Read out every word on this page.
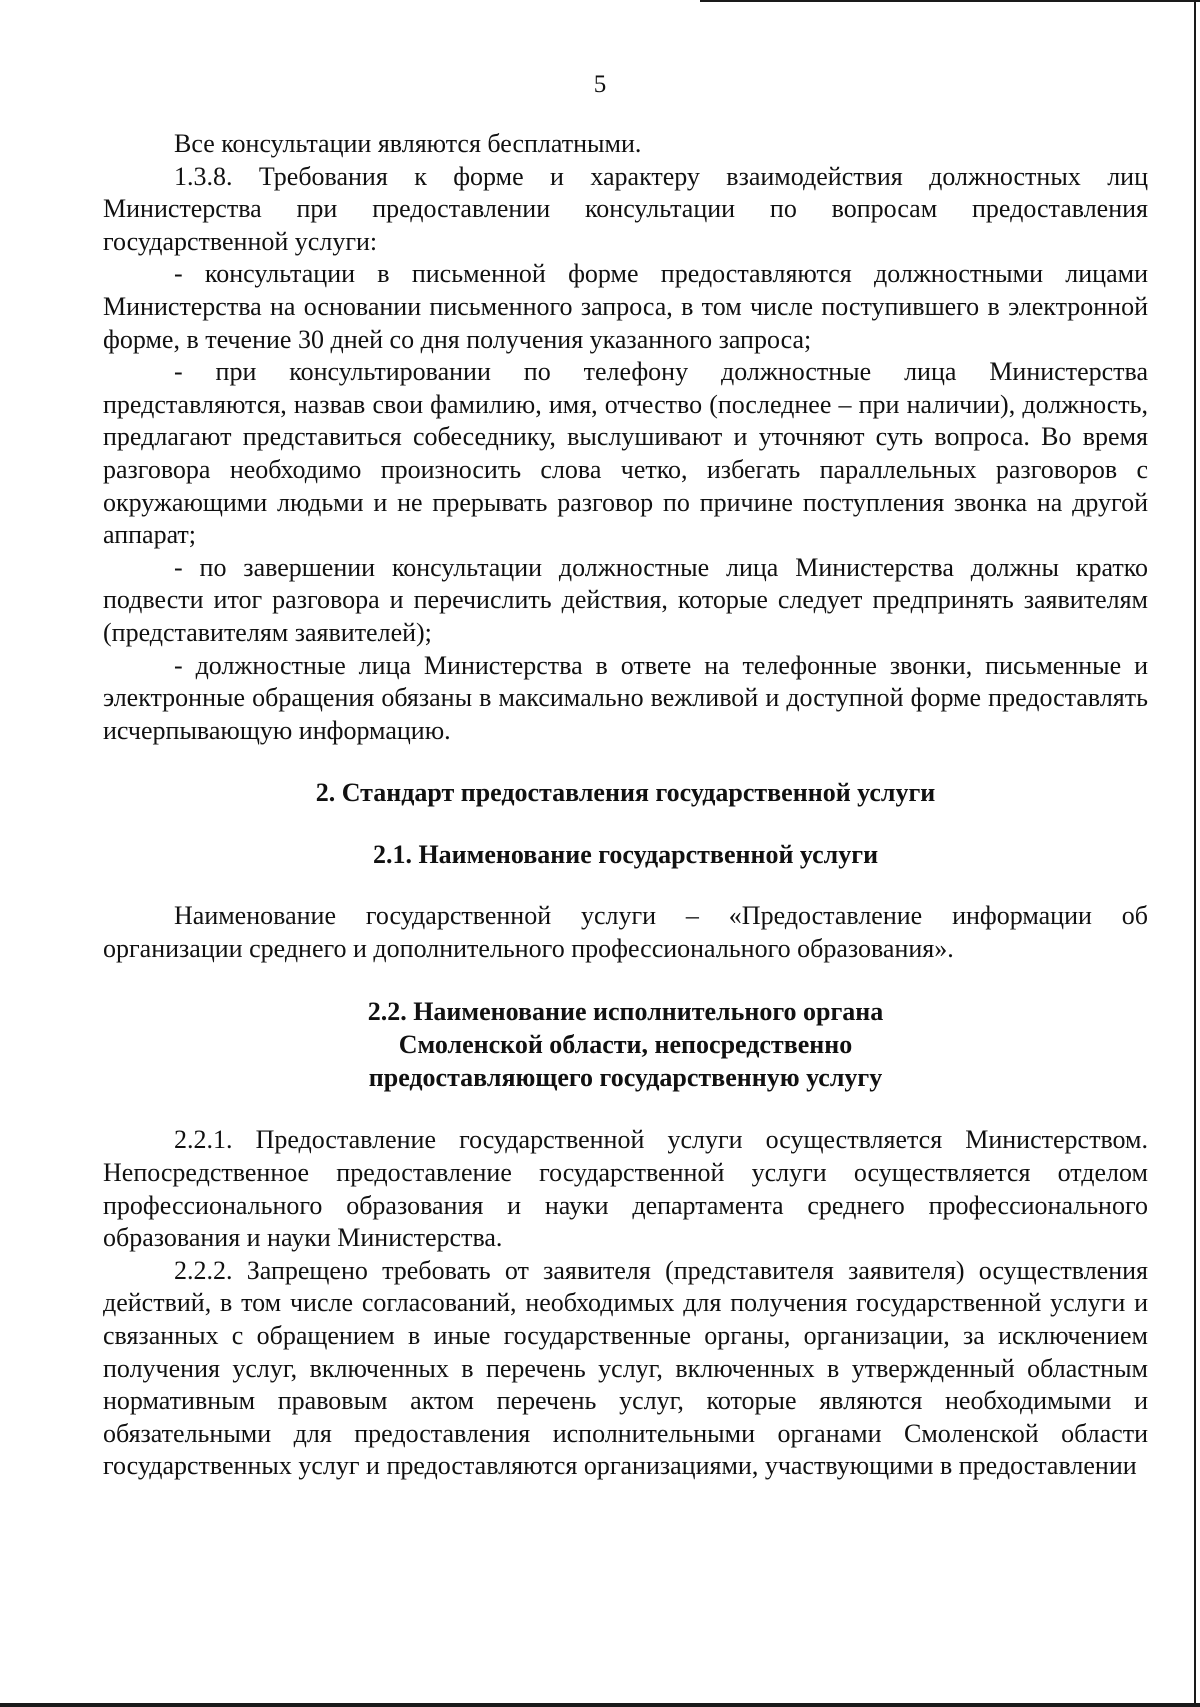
5

Все консультации являются бесплатными.

1.3.8. Требования к форме и характеру взаимодействия должностных лиц Министерства при предоставлении консультации по вопросам предоставления государственной услуги:

- консультации в письменной форме предоставляются должностными лицами Министерства на основании письменного запроса, в том числе поступившего в электронной форме, в течение 30 дней со дня получения указанного запроса;

- при консультировании по телефону должностные лица Министерства представляются, назвав свои фамилию, имя, отчество (последнее – при наличии), должность, предлагают представиться собеседнику, выслушивают и уточняют суть вопроса. Во время разговора необходимо произносить слова четко, избегать параллельных разговоров с окружающими людьми и не прерывать разговор по причине поступления звонка на другой аппарат;

- по завершении консультации должностные лица Министерства должны кратко подвести итог разговора и перечислить действия, которые следует предпринять заявителям (представителям заявителей);

- должностные лица Министерства в ответе на телефонные звонки, письменные и электронные обращения обязаны в максимально вежливой и доступной форме предоставлять исчерпывающую информацию.

2. Стандарт предоставления государственной услуги
2.1. Наименование государственной услуги

Наименование государственной услуги – «Предоставление информации об организации среднего и дополнительного профессионального образования».

2.2. Наименование исполнительного органа
Смоленской области, непосредственно
предоставляющего государственную услугу

2.2.1. Предоставление государственной услуги осуществляется Министерством. Непосредственное предоставление государственной услуги осуществляется отделом профессионального образования и науки департамента среднего профессионального образования и науки Министерства.

2.2.2. Запрещено требовать от заявителя (представителя заявителя) осуществления действий, в том числе согласований, необходимых для получения государственной услуги и связанных с обращением в иные государственные органы, организации, за исключением получения услуг, включенных в перечень услуг, включенных в утвержденный областным нормативным правовым актом перечень услуг, которые являются необходимыми и обязательными для предоставления исполнительными органами Смоленской области государственных услуг и предоставляются организациями, участвующими в предоставлении
